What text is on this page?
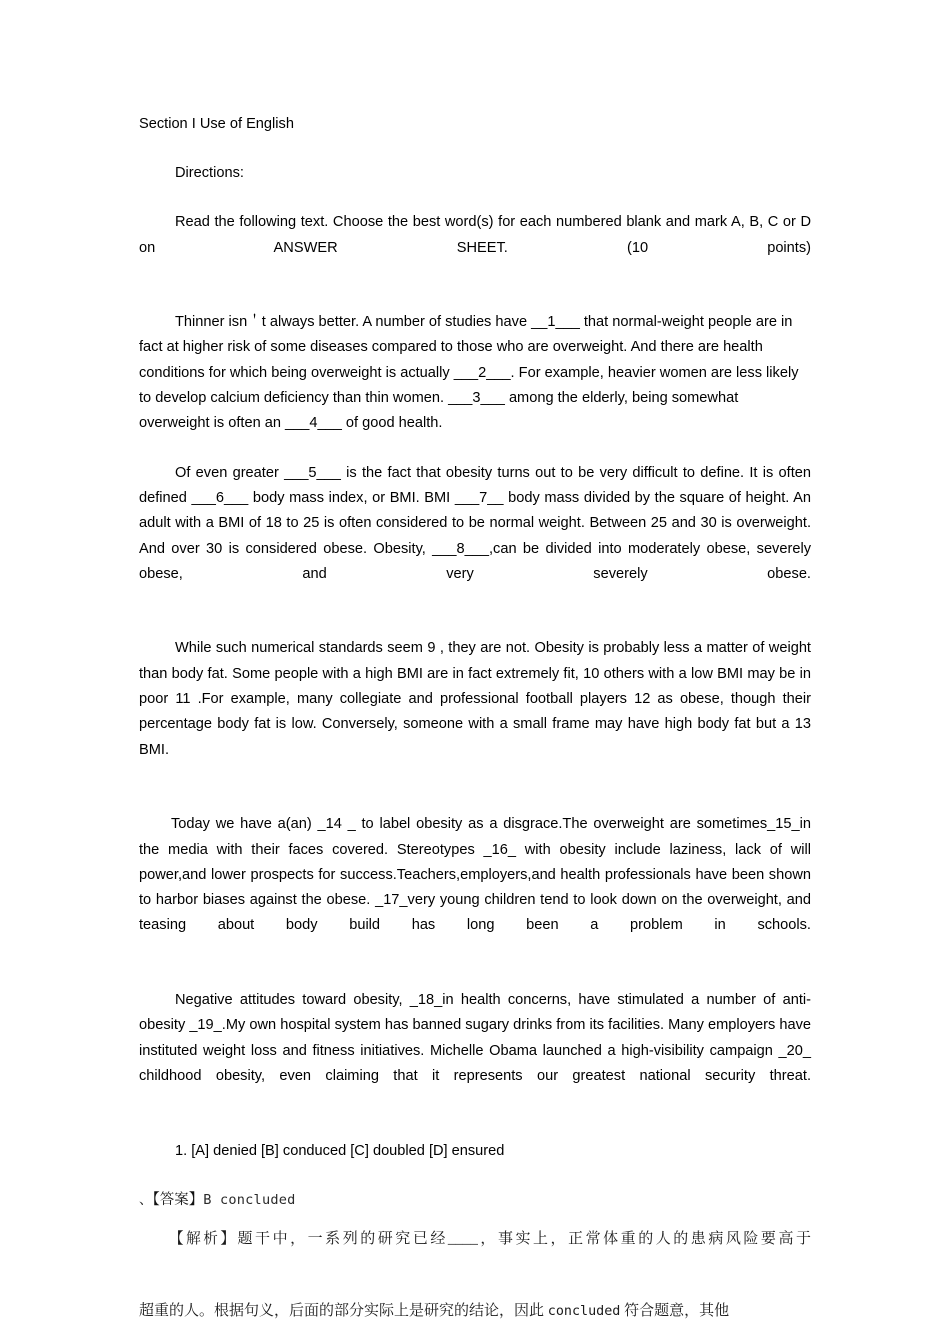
Section I Use of English

Directions:

Read the following text. Choose the best word(s) for each numbered blank and mark A, B, C or D on ANSWER SHEET. (10 points)

Thinner isn＇t always better. A number of studies have __1___ that normal-weight people are in fact at higher risk of some diseases compared to those who are overweight. And there are health conditions for which being overweight is actually ___2___. For example, heavier women are less likely to develop calcium deficiency than thin women. ___3___ among the elderly, being somewhat overweight is often an ___4___ of good health.

Of even greater ___5___ is the fact that obesity turns out to be very difficult to define. It is often defined ___6___ body mass index, or BMI. BMI ___7__ body mass divided by the square of height. An adult with a BMI of 18 to 25 is often considered to be normal weight. Between 25 and 30 is overweight. And over 30 is considered obese. Obesity, ___8___,can be divided into moderately obese, severely obese, and very severely obese.

While such numerical standards seem 9 , they are not. Obesity is probably less a matter of weight than body fat. Some people with a high BMI are in fact extremely fit, 10 others with a low BMI may be in poor 11 .For example, many collegiate and professional football players 12 as obese, though their percentage body fat is low. Conversely, someone with a small frame may have high body fat but a 13 BMI.

Today we have a(an) _14 _ to label obesity as a disgrace.The overweight are sometimes_15_in the media with their faces covered. Stereotypes _16_ with obesity include laziness, lack of will power,and lower prospects for success.Teachers,employers,and health professionals have been shown to harbor biases against the obese. _17_very young children tend to look down on the overweight, and teasing about body build has long been a problem in schools.

Negative attitudes toward obesity, _18_in health concerns, have stimulated a number of anti-obesity _19_.My own hospital system has banned sugary drinks from its facilities. Many employers have instituted weight loss and fitness initiatives. Michelle Obama launched a high-visibility campaign _20_ childhood obesity, even claiming that it represents our greatest national security threat.

1. [A] denied [B] conduced [C] doubled [D] ensured

、【答案】B concluded

【解析】题干中，一系列的研究已经____，事实上，正常体重的人的患病风险要高于

超重的人。根据句义，后面的部分实际上是研究的结论，因此 concluded 符合题意，其他
